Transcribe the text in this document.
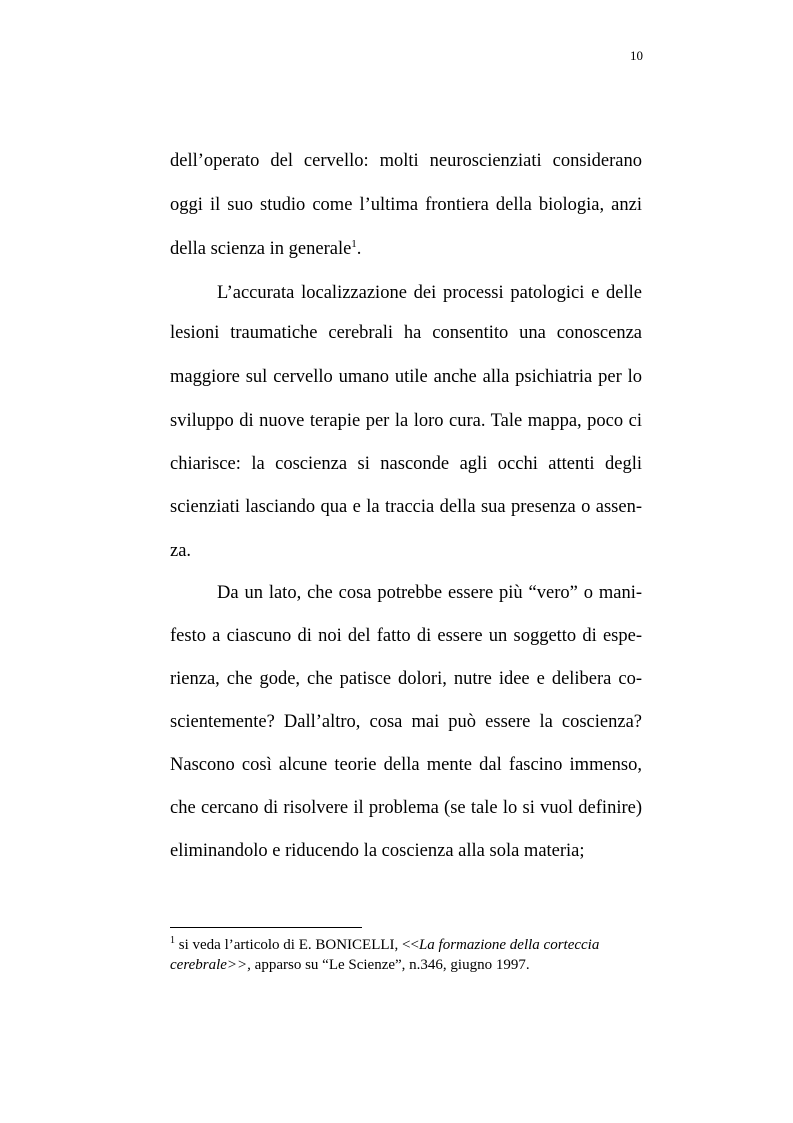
10
dell’operato del cervello: molti neuroscienziati considerano
oggi il suo studio come l’ultima frontiera della biologia, anzi
della scienza in generale$^1$.
L’accurata localizzazione dei processi patologici e delle
lesioni traumatiche cerebrali ha consentito una conoscenza
maggiore sul cervello umano utile anche alla psichiatria per lo
sviluppo di nuove terapie per la loro cura. Tale mappa, poco ci
chiarisce: la coscienza si nasconde agli occhi attenti degli
scienziati lasciando qua e la traccia della sua presenza o assen-
za.
Da un lato, che cosa potrebbe essere più “vero” o mani-
festo a ciascuno di noi del fatto di essere un soggetto di espe-
rienza, che gode, che patisce dolori, nutre idee e delibera co-
scientemente? Dall’altro, cosa mai può essere la coscienza?
Nascono così alcune teorie della mente dal fascino immenso,
che cercano di risolvere il problema (se tale lo si vuol definire)
eliminandolo e riducendo la coscienza alla sola materia;
$^1$ si veda l’articolo di E. BONICELLI, <<La formazione della corteccia
cerebrale>>, apparso su “Le Scienze”, n.346, giugno 1997.
